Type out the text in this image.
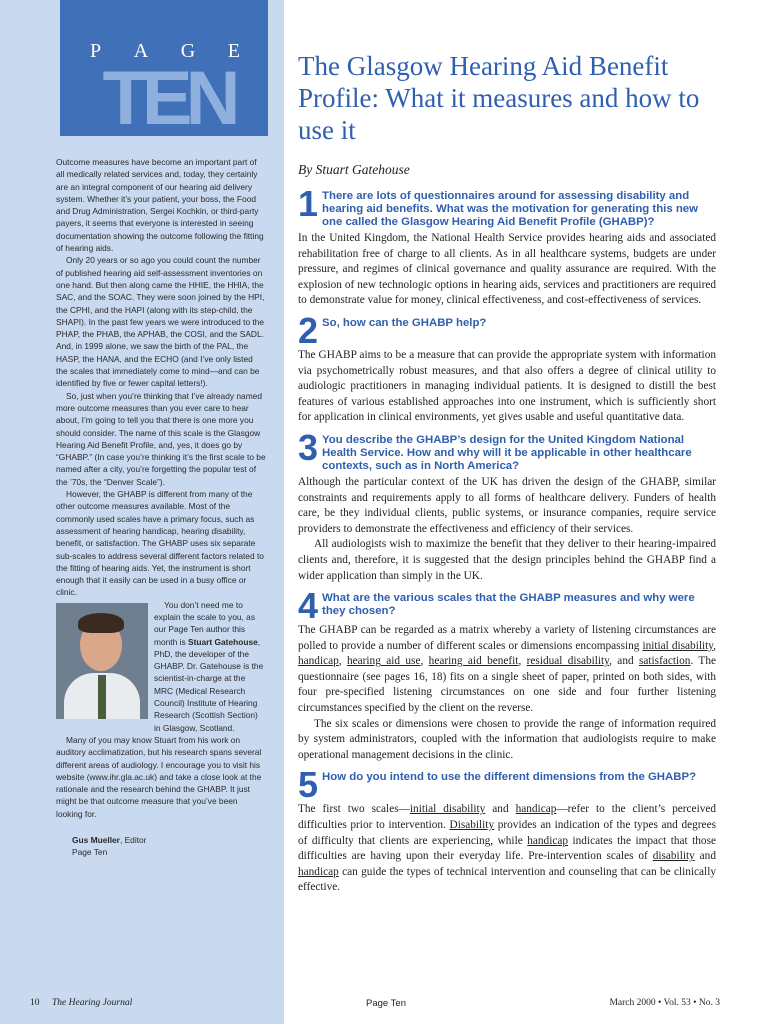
P A G E
TEN

Outcome measures have become an important part of all medically related services and, today, they certainly are an integral component of our hearing aid delivery system. Whether it’s your patient, your boss, the Food and Drug Administration, Sergei Kochkin, or third-party payers, it seems that everyone is interested in seeing documentation showing the outcome following the fitting of hearing aids.

Only 20 years or so ago you could count the number of published hearing aid self-assessment inventories on one hand. But then along came the HHIE, the HHIA, the SAC, and the SOAC. They were soon joined by the HPI, the CPHI, and the HAPI (along with its step-child, the SHAPI). In the past few years we were introduced to the PHAP, the PHAB, the APHAB, the COSI, and the SADL. And, in 1999 alone, we saw the birth of the PAL, the HASP, the HANA, and the ECHO (and I’ve only listed the scales that immediately come to mind—and can be identified by five or fewer capital letters!).

So, just when you’re thinking that I’ve already named more outcome measures than you ever care to hear about, I’m going to tell you that there is one more you should consider. The name of this scale is the Glasgow Hearing Aid Benefit Profile, and, yes, it does go by “GHABP.” (In case you’re thinking it’s the first scale to be named after a city, you’re forgetting the popular test of the ’70s, the “Denver Scale”).

However, the GHABP is different from many of the other outcome measures available. Most of the commonly used scales have a primary focus, such as assessment of hearing handicap, hearing disability, benefit, or satisfaction. The GHABP uses six separate sub-scales to address several different factors related to the fitting of hearing aids. Yet, the instrument is short enough that it easily can be used in a busy office or clinic.

You don’t need me to explain the scale to you, as our Page Ten author this month is Stuart Gatehouse, PhD, the developer of the GHABP. Dr. Gatehouse is the scientist-in-charge at the MRC (Medical Research Council) Institute of Hearing Research (Scottish Section) in Glasgow, Scotland.

Many of you may know Stuart from his work on auditory acclimatization, but his research spans several different areas of audiology. I encourage you to visit his website (www.ihr.gla.ac.uk) and take a close look at the rationale and the research behind the GHABP. It just might be that outcome measure that you’ve been looking for.

Gus Mueller, Editor
Page Ten
The Glasgow Hearing Aid Benefit Profile: What it measures and how to use it
By Stuart Gatehouse
1 There are lots of questionnaires around for assessing disability and hearing aid benefits. What was the motivation for generating this new one called the Glasgow Hearing Aid Benefit Profile (GHABP)?

In the United Kingdom, the National Health Service provides hearing aids and associated rehabilitation free of charge to all clients. As in all healthcare systems, budgets are under pressure, and regimes of clinical governance and quality assurance are required. With the explosion of new technologic options in hearing aids, services and practitioners are required to demonstrate value for money, clinical effectiveness, and cost-effectiveness of services.

2 So, how can the GHABP help?

The GHABP aims to be a measure that can provide the appropriate system with information via psychometrically robust measures, and that also offers a degree of clinical utility to audiologic practitioners in managing individual patients. It is designed to distill the best features of various established approaches into one instrument, which is sufficiently short for application in clinical environments, yet gives usable and useful quantitative data.

3 You describe the GHABP’s design for the United Kingdom National Health Service. How and why will it be applicable in other healthcare contexts, such as in North America?

Although the particular context of the UK has driven the design of the GHABP, similar constraints and requirements apply to all forms of healthcare delivery. Funders of health care, be they individual clients, public systems, or insurance companies, require service providers to demonstrate the effectiveness and efficiency of their services.

All audiologists wish to maximize the benefit that they deliver to their hearing-impaired clients and, therefore, it is suggested that the design principles behind the GHABP find a wider application than simply in the UK.

4 What are the various scales that the GHABP measures and why were they chosen?

The GHABP can be regarded as a matrix whereby a variety of listening circumstances are polled to provide a number of different scales or dimensions encompassing initial disability, handicap, hearing aid use, hearing aid benefit, residual disability, and satisfaction. The questionnaire (see pages 16, 18) fits on a single sheet of paper, printed on both sides, with four pre-specified listening circumstances on one side and four further listening circumstances specified by the client on the reverse.

The six scales or dimensions were chosen to provide the range of information required by system administrators, coupled with the information that audiologists require to make operational management decisions in the clinic.

5 How do you intend to use the different dimensions from the GHABP?

The first two scales—initial disability and handicap—refer to the client’s perceived difficulties prior to intervention. Disability provides an indication of the types and degrees of difficulty that clients are experiencing, while handicap indicates the impact that those difficulties are having upon their everyday life. Pre-intervention scales of disability and handicap can guide the types of technical intervention and counseling that can be clinically effective.

10 The Hearing Journal	Page Ten	March 2000 • Vol. 53 • No. 3
